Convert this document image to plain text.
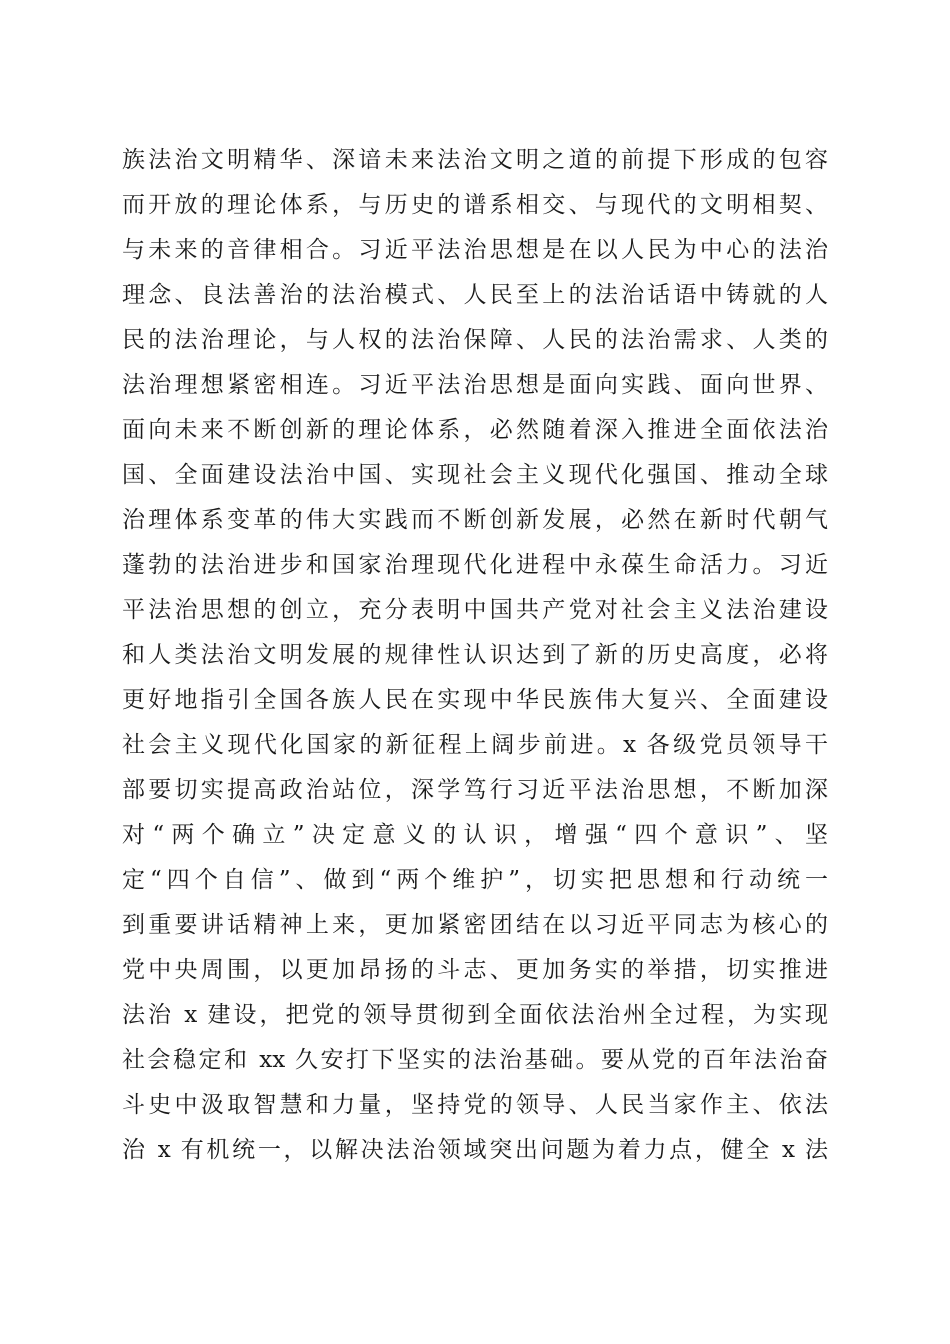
族法治文明精华、深谙未来法治文明之道的前提下形成的包容
而开放的理论体系，与历史的谱系相交、与现代的文明相契、
与未来的音律相合。习近平法治思想是在以人民为中心的法治
理念、良法善治的法治模式、人民至上的法治话语中铸就的人
民的法治理论，与人权的法治保障、人民的法治需求、人类的
法治理想紧密相连。习近平法治思想是面向实践、面向世界、
面向未来不断创新的理论体系，必然随着深入推进全面依法治
国、全面建设法治中国、实现社会主义现代化强国、推动全球
治理体系变革的伟大实践而不断创新发展，必然在新时代朝气
蓬勃的法治进步和国家治理现代化进程中永葆生命活力。习近
平法治思想的创立，充分表明中国共产党对社会主义法治建设
和人类法治文明发展的规律性认识达到了新的历史高度，必将
更好地指引全国各族人民在实现中华民族伟大复兴、全面建设
社会主义现代化国家的新征程上阔步前进。x 各级党员领导干
部要切实提高政治站位，深学笃行习近平法治思想，不断加深
对“两个确立”决定意义的认识，增强“四个意识”、坚
定“四个自信”、做到“两个维护”，切实把思想和行动统一
到重要讲话精神上来，更加紧密团结在以习近平同志为核心的
党中央周围，以更加昂扬的斗志、更加务实的举措，切实推进
法治 x 建设，把党的领导贯彻到全面依法治州全过程，为实现
社会稳定和 xx 久安打下坚实的法治基础。要从党的百年法治奋
斗史中汲取智慧和力量，坚持党的领导、人民当家作主、依法
治 x 有机统一，以解决法治领域突出问题为着力点，健全 x 法
